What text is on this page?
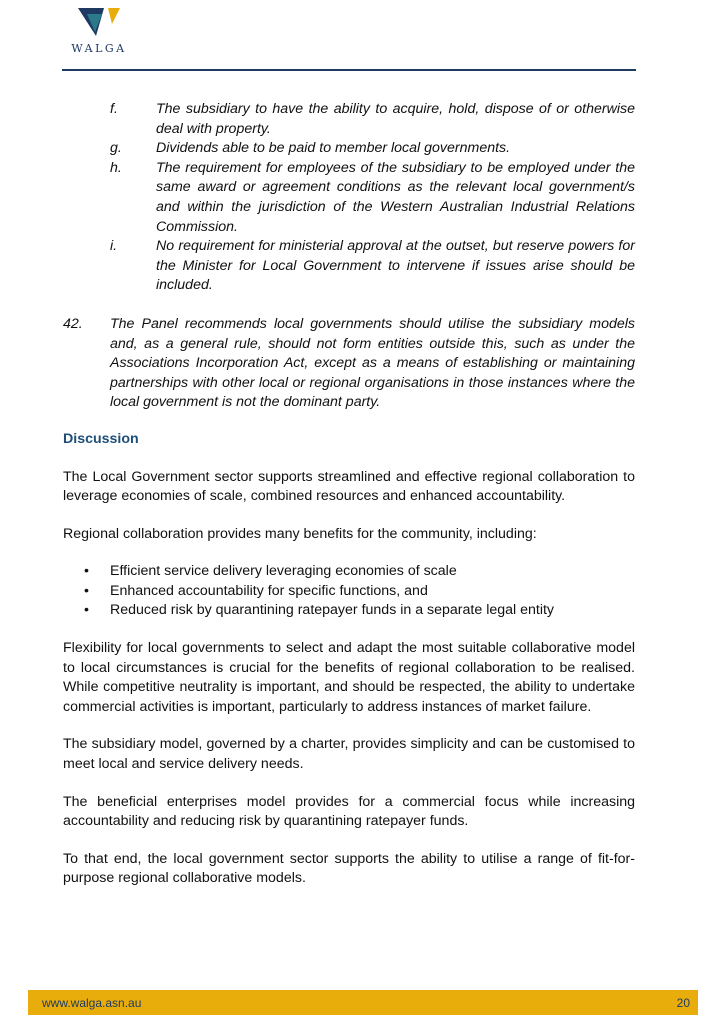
WALGA
f.	The subsidiary to have the ability to acquire, hold, dispose of or otherwise deal with property.
g. Dividends able to be paid to member local governments.
h. The requirement for employees of the subsidiary to be employed under the same award or agreement conditions as the relevant local government/s and within the jurisdiction of the Western Australian Industrial Relations Commission.
i.	No requirement for ministerial approval at the outset, but reserve powers for the Minister for Local Government to intervene if issues arise should be included.
42. The Panel recommends local governments should utilise the subsidiary models and, as a general rule, should not form entities outside this, such as under the Associations Incorporation Act, except as a means of establishing or maintaining partnerships with other local or regional organisations in those instances where the local government is not the dominant party.
Discussion

The Local Government sector supports streamlined and effective regional collaboration to leverage economies of scale, combined resources and enhanced accountability.

Regional collaboration provides many benefits for the community, including:

• Efficient service delivery leveraging economies of scale
• Enhanced accountability for specific functions, and
• Reduced risk by quarantining ratepayer funds in a separate legal entity

Flexibility for local governments to select and adapt the most suitable collaborative model to local circumstances is crucial for the benefits of regional collaboration to be realised. While competitive neutrality is important, and should be respected, the ability to undertake commercial activities is important, particularly to address instances of market failure.

The subsidiary model, governed by a charter, provides simplicity and can be customised to meet local and service delivery needs.

The beneficial enterprises model provides for a commercial focus while increasing accountability and reducing risk by quarantining ratepayer funds.

To that end, the local government sector supports the ability to utilise a range of fit-for-purpose regional collaborative models.

www.walga.asn.au	20
